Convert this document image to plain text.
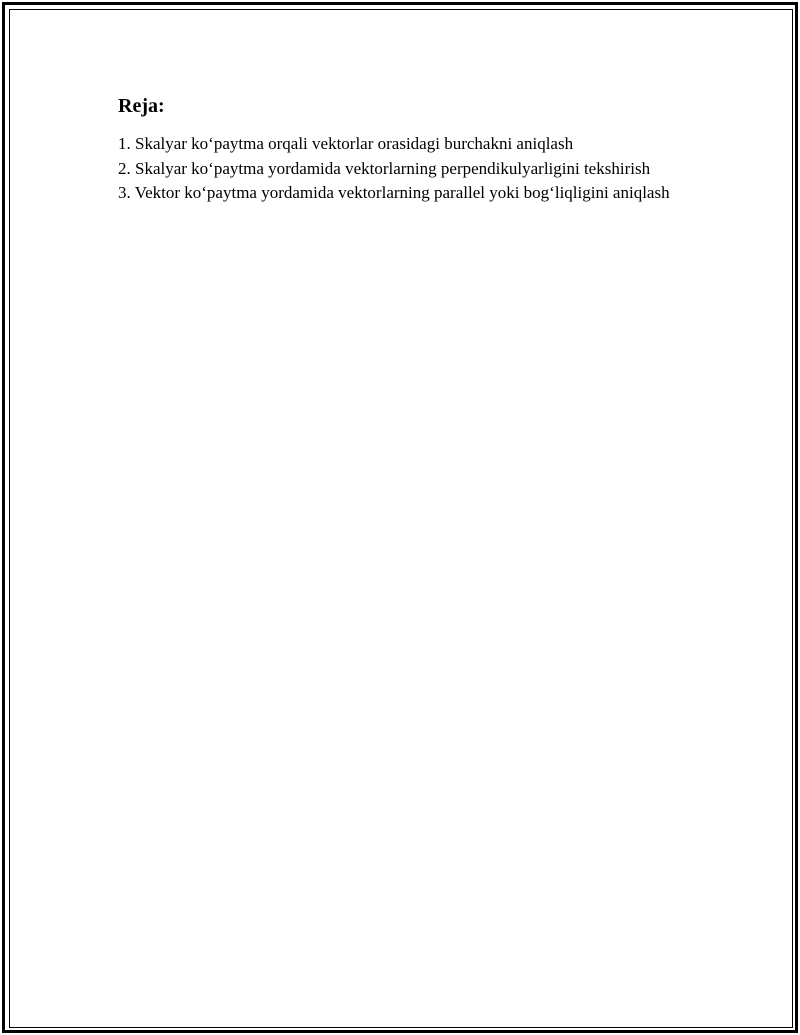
Reja:
1. Skalyar ko‘paytma orqali vektorlar orasidagi burchakni aniqlash
2. Skalyar ko‘paytma yordamida vektorlarning perpendikulyarligini tekshirish
3. Vektor ko‘paytma yordamida vektorlarning parallel yoki bog‘liqligini aniqlash
